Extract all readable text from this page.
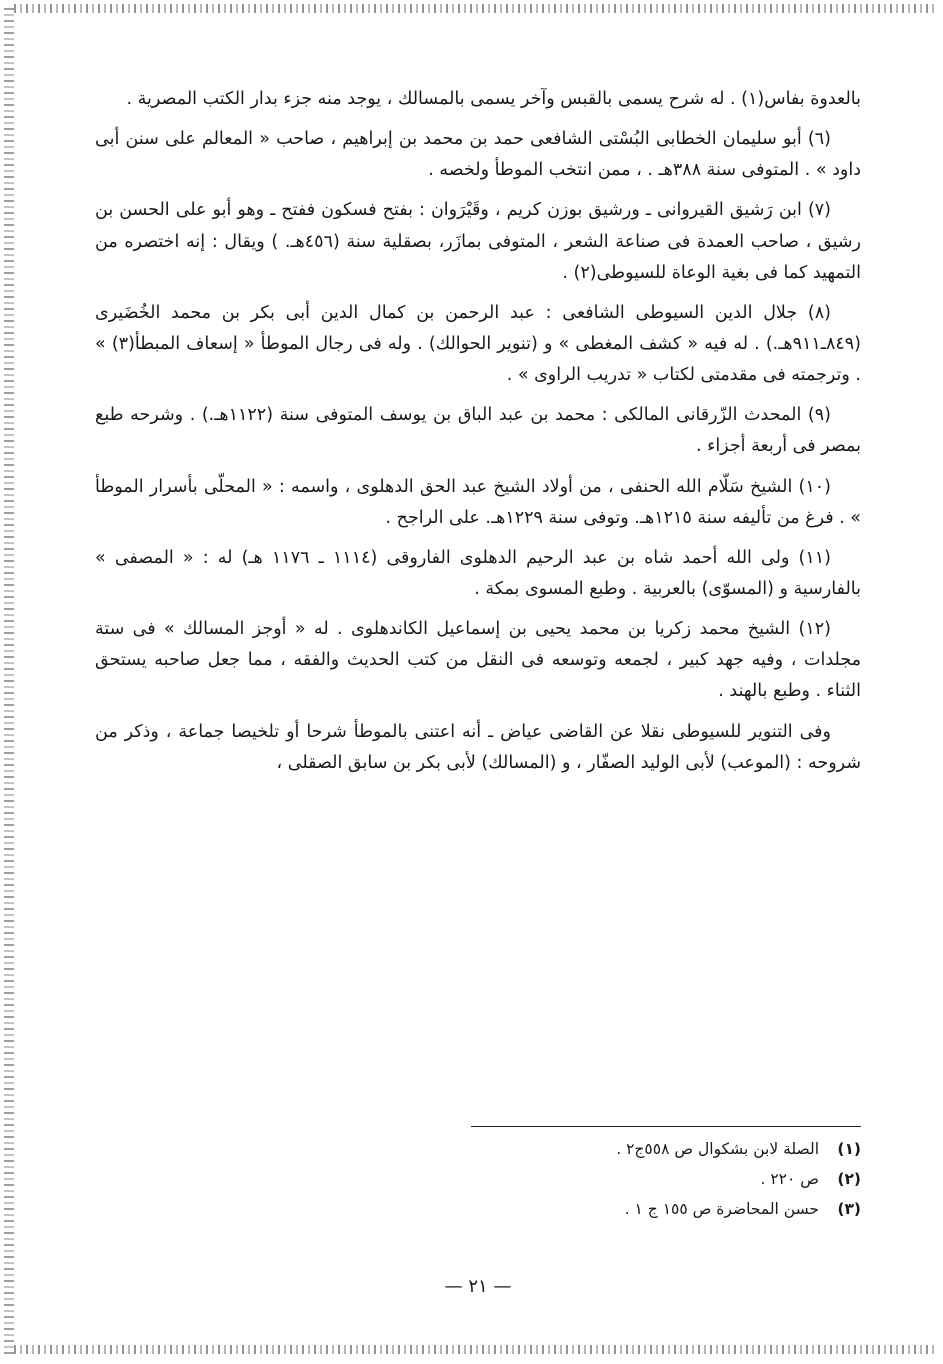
بالعدوة بفاس(١) . له شرح يسمى بالقبس وآخر يسمى بالمسالك ، يوجد منه جزء بدار الكتب المصرية .

(٦) أبو سليمان الخطابى البُسْتى الشافعى حمد بن محمد بن إبراهيم ، صاحب « المعالم على سنن أبى داود » . المتوفى سنة ٣٨٨هـ . ، ممن انتخب الموطأ ولخصه .

(٧) ابن رَشيق القيروانى ـ ورشيق بوزن كريم ، وقَيْرَوان : بفتح فسكون ففتح ـ وهو أبو على الحسن بن رشيق ، صاحب العمدة فى صناعة الشعر ، المتوفى بمازَر، بصقلية سنة (٤٥٦هـ. ) ويقال : إنه اختصره من التمهيد كما فى بغية الوعاة للسيوطى(٢) .

(٨) جلال الدين السيوطى الشافعى : عبد الرحمن بن كمال الدين أبى بكر بن محمد الخُضَيرى (٨٤٩ـ٩١١هـ.) . له فيه « كشف المغطى » و (تنوير الحوالك) . وله فى رجال الموطأ « إسعاف المبطأ(٣) » . وترجمته فى مقدمتى لكتاب « تدريب الراوى » .

(٩) المحدث الزّرقانى المالكى : محمد بن عبد الباق بن يوسف المتوفى سنة (١١٢٢هـ.) . وشرحه طبع بمصر فى أربعة أجزاء .

(١٠) الشيخ سَلّام الله الحنفى ، من أولاد الشيخ عبد الحق الدهلوى ، واسمه : « المحلّى بأسرار الموطأ » . فرغ من تأليفه سنة ١٢١٥هـ. وتوفى سنة ١٢٢٩هـ. على الراجح .

(١١) ولى الله أحمد شاه بن عبد الرحيم الدهلوى الفاروقى (١١١٤ ـ ١١٧٦ هـ) له : « المصفى » بالفارسية و (المسوّى) بالعربية . وطبع المسوى بمكة .

(١٢) الشيخ محمد زكريا بن محمد يحيى بن إسماعيل الكاندهلوى . له « أوجز المسالك » فى ستة مجلدات ، وفيه جهد كبير ، لجمعه وتوسعه فى النقل من كتب الحديث والفقه ، مما جعل صاحبه يستحق الثناء . وطبع بالهند .

وفى التنوير للسيوطى نقلا عن القاضى عياض ـ أنه اعتنى بالموطأ شرحا أو تلخيصا جماعة ، وذكر من شروحه : (الموعب) لأبى الوليد الصفّار ، و (المسالك) لأبى بكر بن سابق الصقلى ،

(١)
الصلة لابن بشكوال ص ٥٥٨ج٢ .
(٢)
ص ٢٢٠ .
(٣)
حسن المحاضرة ص ١٥٥ ج ١ .
— ٢١ —
